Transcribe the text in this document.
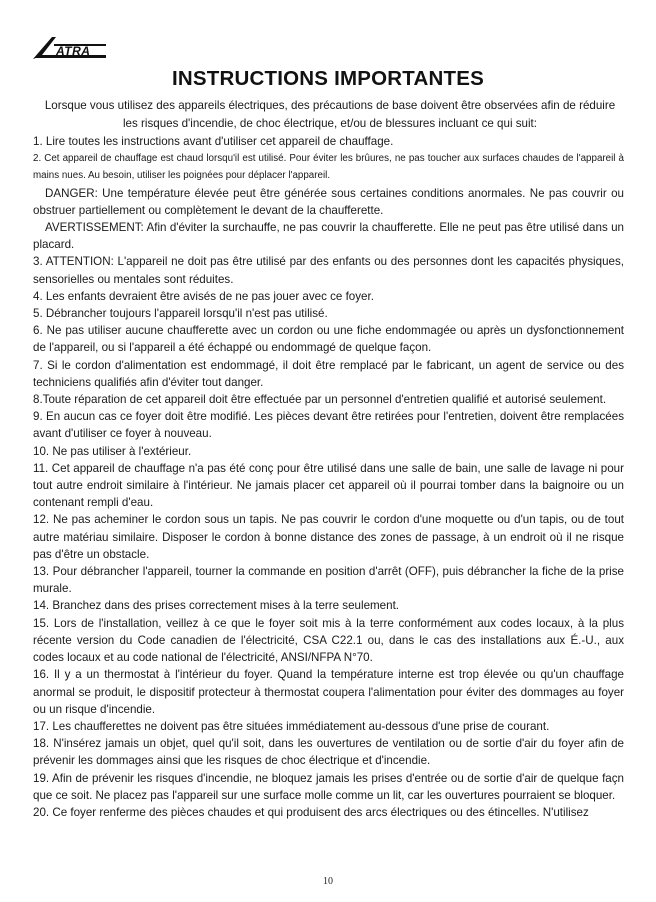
ATRA
INSTRUCTIONS IMPORTANTES
Lorsque vous utilisez des appareils électriques, des précautions de base doivent être observées afin de réduire les risques d'incendie, de choc électrique, et/ou de blessures incluant ce qui suit:

1. Lire toutes les instructions avant d'utiliser cet appareil de chauffage.

2. Cet appareil de chauffage est chaud lorsqu'il est utilisé. Pour éviter les brûures, ne pas toucher aux surfaces chaudes de l'appareil à mains nues. Au besoin, utiliser les poignées pour déplacer l'appareil.

DANGER: Une température élevée peut être générée sous certaines conditions anormales. Ne pas couvrir ou obstruer partiellement ou complètement le devant de la chaufferette.

AVERTISSEMENT: Afin d'éviter la surchauffe, ne pas couvrir la chaufferette. Elle ne peut pas être utilisé dans un placard.

3. ATTENTION: L'appareil ne doit pas être utilisé par des enfants ou des personnes dont les capacités physiques, sensorielles ou mentales sont réduites.

4. Les enfants devraient être avisés de ne pas jouer avec ce foyer.

5. Débrancher toujours l'appareil lorsqu'il n'est pas utilisé.

6. Ne pas utiliser aucune chaufferette avec un cordon ou une fiche endommagée ou après un dysfonctionnement de l'appareil, ou si l'appareil a été échappé ou endommagé de quelque façon.

7. Si le cordon d'alimentation est endommagé, il doit être remplacé par le fabricant, un agent de service ou des techniciens qualifiés afin d'éviter tout danger.

8.Toute réparation de cet appareil doit être effectuée par un personnel d'entretien qualifié et autorisé seulement.

9. En aucun cas ce foyer doit être modifié. Les pièces devant être retirées pour l'entretien, doivent être remplacées avant d'utiliser ce foyer à nouveau.

10. Ne pas utiliser à l'extérieur.

11. Cet appareil de chauffage n'a pas été conç pour être utilisé dans une salle de bain, une salle de lavage ni pour tout autre endroit similaire à l'intérieur. Ne jamais placer cet appareil où il pourrai tomber dans la baignoire ou un contenant rempli d'eau.

12. Ne pas acheminer le cordon sous un tapis. Ne pas couvrir le cordon d'une moquette ou d'un tapis, ou de tout autre matériau similaire. Disposer le cordon à bonne distance des zones de passage, à un endroit où il ne risque pas d'être un obstacle.

13. Pour débrancher l'appareil, tourner la commande en position d'arrêt (OFF), puis débrancher la fiche de la prise murale.

14. Branchez dans des prises correctement mises à la terre seulement.

15. Lors de l'installation, veillez à ce que le foyer soit mis à la terre conformément aux codes locaux, à la plus récente version du Code canadien de l'électricité, CSA C22.1 ou, dans le cas des installations aux É.-U., aux codes locaux et au code national de l'électricité, ANSI/NFPA N°70.

16. Il y a un thermostat à l'intérieur du foyer. Quand la température interne est trop élevée ou qu'un chauffage anormal se produit, le dispositif protecteur à thermostat coupera l'alimentation pour éviter des dommages au foyer ou un risque d'incendie.

17. Les chaufferettes ne doivent pas être situées immédiatement au-dessous d'une prise de courant.

18. N'insérez jamais un objet, quel qu'il soit, dans les ouvertures de ventilation ou de sortie d'air du foyer afin de prévenir les dommages ainsi que les risques de choc électrique et d'incendie.

19. Afin de prévenir les risques d'incendie, ne bloquez jamais les prises d'entrée ou de sortie d'air de quelque façn que ce soit. Ne placez pas l'appareil sur une surface molle comme un lit, car les ouvertures pourraient se bloquer.

20. Ce foyer renferme des pièces chaudes et qui produisent des arcs électriques ou des étincelles. N'utilisez

10
